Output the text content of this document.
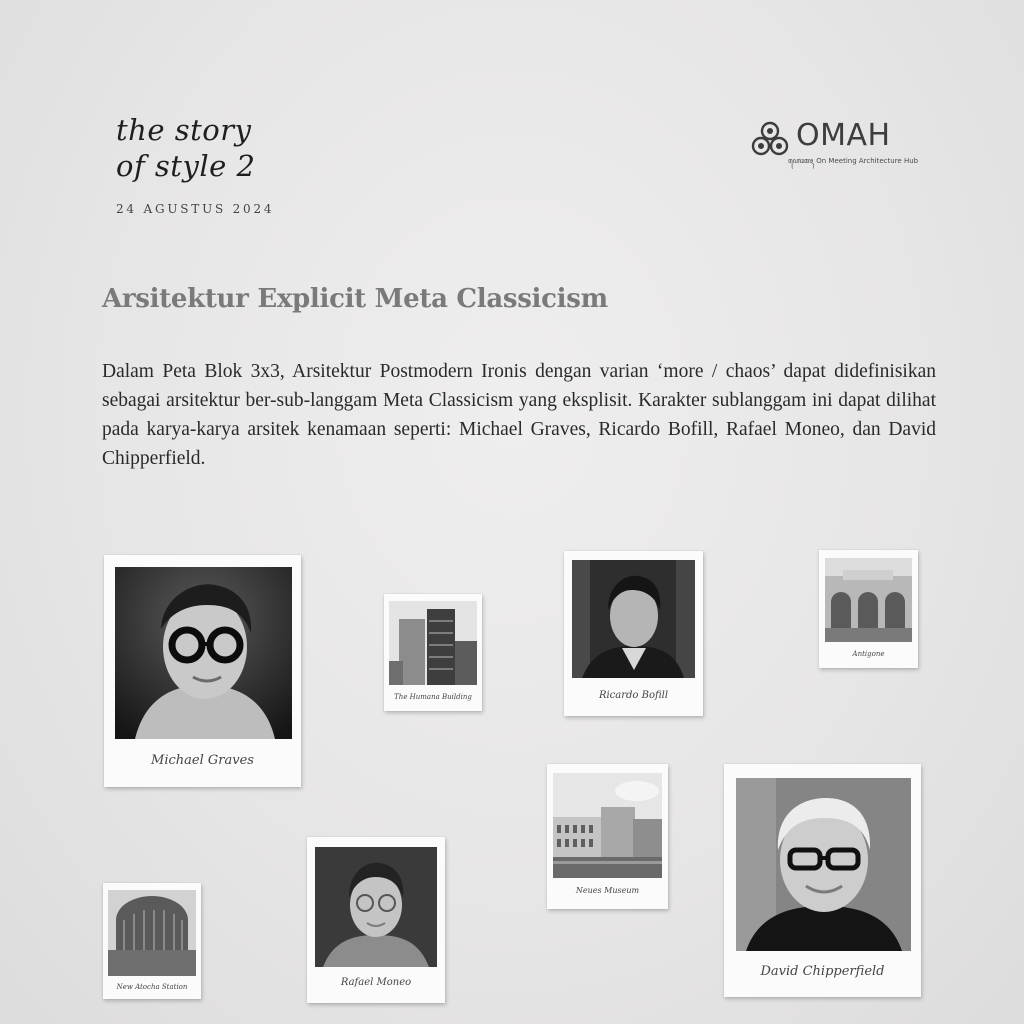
the story
of style 2
24 AGUSTUS 2024
OMAH
ꦲꦺꦴꦩꦃ On Meeting Architecture Hub
Arsitektur Explicit Meta Classicism

Dalam Peta Blok 3x3, Arsitektur Postmodern Ironis dengan varian ‘more / chaos’ dapat didefinisikan sebagai arsitektur ber-sub-langgam Meta Classicism yang eksplisit. Karakter sublanggam ini dapat dilihat pada karya-karya arsitek kenamaan seperti: Michael Graves, Ricardo Bofill, Rafael Moneo, dan David Chipperfield.

Michael Graves
The Humana Building	Ricardo Bofill
Antigone
Neues Museum
David Chipperfield
Rafael Moneo
New Atocha Station
